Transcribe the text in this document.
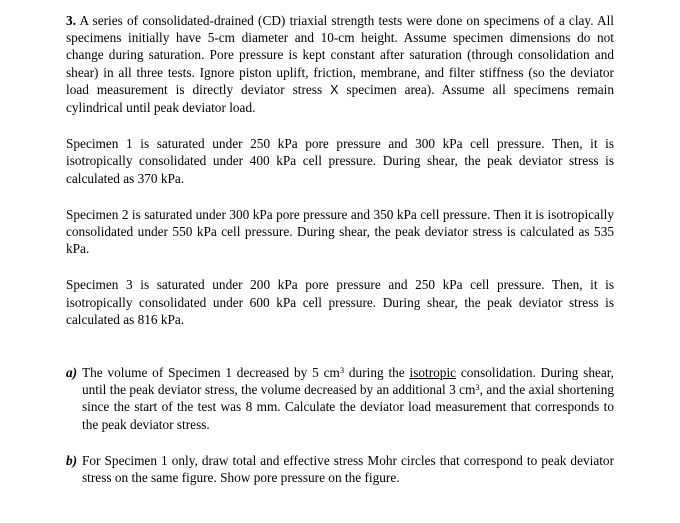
3. A series of consolidated-drained (CD) triaxial strength tests were done on specimens of a clay. All specimens initially have 5-cm diameter and 10-cm height. Assume specimen dimensions do not change during saturation. Pore pressure is kept constant after saturation (through consolidation and shear) in all three tests. Ignore piston uplift, friction, membrane, and filter stiffness (so the deviator load measurement is directly deviator stress X specimen area). Assume all specimens remain cylindrical until peak deviator load.

Specimen 1 is saturated under 250 kPa pore pressure and 300 kPa cell pressure. Then, it is isotropically consolidated under 400 kPa cell pressure. During shear, the peak deviator stress is calculated as 370 kPa.

Specimen 2 is saturated under 300 kPa pore pressure and 350 kPa cell pressure. Then it is isotropically consolidated under 550 kPa cell pressure. During shear, the peak deviator stress is calculated as 535 kPa.

Specimen 3 is saturated under 200 kPa pore pressure and 250 kPa cell pressure. Then, it is isotropically consolidated under 600 kPa cell pressure. During shear, the peak deviator stress is calculated as 816 kPa.

a) The volume of Specimen 1 decreased by 5 $cm^3$ during the isotropic consolidation. During shear, until the peak deviator stress, the volume decreased by an additional 3 $cm^3$, and the axial shortening since the start of the test was 8 mm. Calculate the deviator load measurement that corresponds to the peak deviator stress.

b) For Specimen 1 only, draw total and effective stress Mohr circles that correspond to peak deviator stress on the same figure. Show pore pressure on the figure.
